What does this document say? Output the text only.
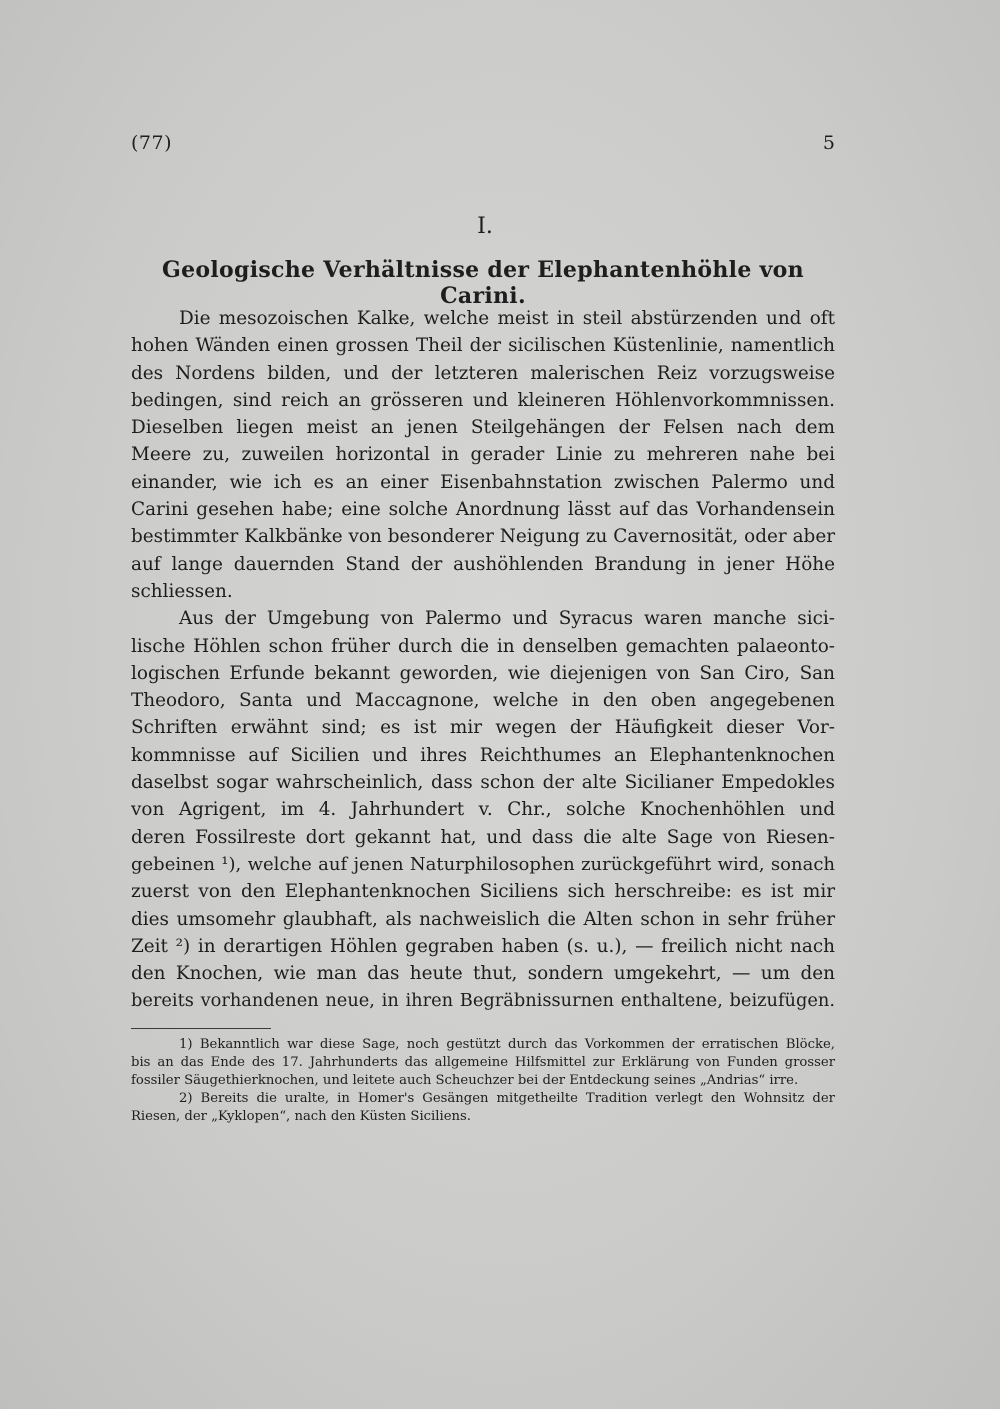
(77)	5
I.
Geologische Verhältnisse der Elephantenhöhle von Carini.
Die mesozoischen Kalke, welche meist in steil abstürzenden und oft
hohen Wänden einen grossen Theil der sicilischen Küstenlinie, namentlich
des Nordens bilden, und der letzteren malerischen Reiz vorzugsweise
bedingen, sind reich an grösseren und kleineren Höhlenvorkommnissen.
Dieselben liegen meist an jenen Steilgehängen der Felsen nach dem
Meere zu, zuweilen horizontal in gerader Linie zu mehreren nahe bei
einander, wie ich es an einer Eisenbahnstation zwischen Palermo und
Carini gesehen habe; eine solche Anordnung lässt auf das Vorhandensein
bestimmter Kalkbänke von besonderer Neigung zu Cavernosität, oder aber
auf lange dauernden Stand der aushöhlenden Brandung in jener Höhe
schliessen.
Aus der Umgebung von Palermo und Syracus waren manche sici-
lische Höhlen schon früher durch die in denselben gemachten palaeonto-
logischen Erfunde bekannt geworden, wie diejenigen von San Ciro, San
Theodoro, Santa und Maccagnone, welche in den oben angegebenen
Schriften erwähnt sind; es ist mir wegen der Häufigkeit dieser Vor-
kommnisse auf Sicilien und ihres Reichthumes an Elephantenknochen
daselbst sogar wahrscheinlich, dass schon der alte Sicilianer Empedokles
von Agrigent, im 4. Jahrhundert v. Chr., solche Knochenhöhlen und
deren Fossilreste dort gekannt hat, und dass die alte Sage von Riesen-
gebeinen ¹), welche auf jenen Naturphilosophen zurückgeführt wird, sonach
zuerst von den Elephantenknochen Siciliens sich herschreibe: es ist mir
dies umsomehr glaubhaft, als nachweislich die Alten schon in sehr früher
Zeit ²) in derartigen Höhlen gegraben haben (s. u.), — freilich nicht nach
den Knochen, wie man das heute thut, sondern umgekehrt, — um den
bereits vorhandenen neue, in ihren Begräbnissurnen enthaltene, beizufügen.
1) Bekanntlich war diese Sage, noch gestützt durch das Vorkommen der erratischen Blöcke,
bis an das Ende des 17. Jahrhunderts das allgemeine Hilfsmittel zur Erklärung von Funden grosser
fossiler Säugethierknochen, und leitete auch Scheuchzer bei der Entdeckung seines „Andrias“ irre.
2) Bereits die uralte, in Homer's Gesängen mitgetheilte Tradition verlegt den Wohnsitz der
Riesen, der „Kyklopen“, nach den Küsten Siciliens.
